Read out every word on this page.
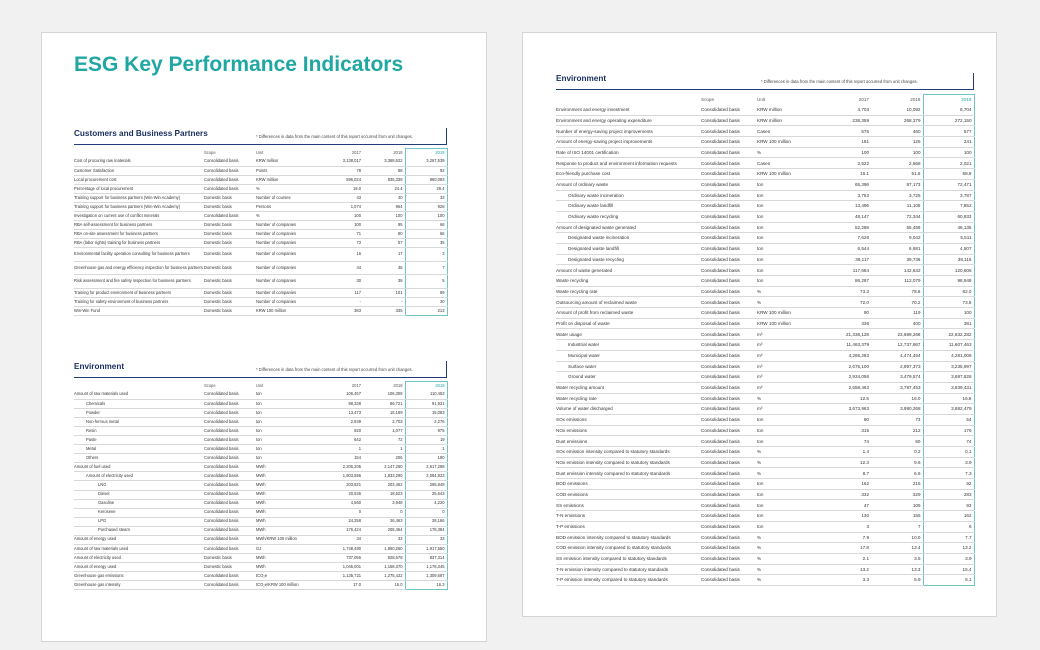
ESG Key Performance Indicators
Customers and Business Partners	* Differences in data from the main content of this report occurred from unit changes.
	Scope	Unit	2017	2018	2019
Cost of procuring raw materials	Consolidated basis	KRW million	3,138,017	3,368,622	3,267,539
Customer Satisfaction	Consolidated basis	Points	78	88	92
Local procurement cost	Consolidated basis	KRW million	596,024	835,339	960,093
Percentage of local procurement	Consolidated basis	%	19.0	24.4	29.4
Training support for business partners (Win-Win Academy)	Domestic basis	Number of courses	43	40	33
Training support for business partners (Win-Win Academy)	Domestic basis	Persons	1,074	964	928
Investigation on current use of conflict minerals	Consolidated basis	%	100	100	100
RBA self-assessment for business partners	Domestic basis	Number of companies	100	95	66
RBA on-site assessment for business partners	Domestic basis	Number of companies	71	80	66
RBA (labor rights) training for business partners	Domestic basis	Number of companies	73	57	35
Environmental facility operation consulting for business partners	Domestic basis	Number of companies	16	17	3
Greenhouse gas and energy efficiency inspection for business partners	Domestic basis	Number of companies	44	35	7
Risk assessment and fire safety inspection for business partners	Domestic basis	Number of companies	30	38	5
Training for product environment of business partners	Domestic basis	Number of companies	117	101	89
Training for safety environment of business partners	Domestic basis	Number of companies	-	-	30
Win-Win Fund	Domestic basis	KRW 100 million	383	335	213
Environment	* Differences in data from the main content of this report occurred from unit changes.
	Scope	Unit	2017	2018	2019
Amount of raw materials used	Consolidated basis	ton	106,457	106,308	110,453
Chemicals	Consolidated basis	ton	88,338	86,721	91,931
Powder	Consolidated basis	ton	13,473	15,189	15,083
Non-ferrous metal	Consolidated basis	ton	2,849	2,703	2,276
Resin	Consolidated basis	ton	920	1,077	975
Paste	Consolidated basis	ton	642	72	19
Metal	Consolidated basis	ton	1	1	1
Others	Consolidated basis	ton	154	206	190
Amount of fuel used	Consolidated basis	MWh	2,206,205	2,147,250	2,617,288
Amount of electricity used	Consolidated basis	MWh	1,803,556	1,833,290	2,084,823
LNG	Consolidated basis	MWh	203,821	203,462	295,848
Diesel	Consolidated basis	MWh	20,636	18,623	25,643
Gasoline	Consolidated basis	MWh	4,560	3,948	4,220
Kerosene	Consolidated basis	MWh	0	0	0
LPG	Consolidated basis	MWh	24,258	26,463	28,166
Purchased steam	Consolidated basis	MWh	176,424	205,464	178,384
Amount of energy used	Consolidated basis	MWh/KRW 100 million	34	32	33
Amount of raw materials used	Consolidated basis	GJ	1,748,480	1,860,260	1,917,550
Amount of electricity used	Domestic basis	MWh	737,056	828,678	837,314
Amount of energy used	Domestic basis	MWh	1,045,001	1,158,370	1,178,345
Greenhouse gas emissions	Consolidated basis	tCO₂e	1,135,721	1,275,422	1,309,687
Greenhouse gas intensity	Consolidated basis	tCO₂e/KRW 100 million	17.0	16.0	16.3
Environment	* Differences in data from the main content of this report occurred from unit changes.
	Scope	Unit	2017	2018	2019
Environment and energy investment	Consolidated basis	KRW million	4,703	10,092	8,704
Environment and energy operating expenditure	Consolidated basis	KRW million	238,359	268,379	272,150
Number of energy-saving project improvements	Consolidated basis	Cases	575	460	577
Amount of energy-saving project improvements	Consolidated basis	KRW 100 million	181	125	241
Rate of ISO 14001 certification	Consolidated basis	%	100	100	100
Response to product and environment information requests	Consolidated basis	Cases	2,522	2,668	2,021
Eco-friendly purchase cost	Consolidated basis	KRW 100 million	16.1	51.6	58.9
Amount of ordinary waste	Consolidated basis	ton	65,396	87,173	72,471
Ordinary waste incineration	Consolidated basis	ton	3,753	3,725	3,787
Ordinary waste landfill	Consolidated basis	ton	13,496	11,105	7,852
Ordinary waste recycling	Consolidated basis	ton	48,147	72,344	60,833
Amount of designated waste generated	Consolidated basis	ton	52,289	55,459	48,135
Designated waste incineration	Consolidated basis	ton	7,628	9,042	5,511
Designated waste landfill	Consolidated basis	ton	6,544	6,681	4,507
Designated waste recycling	Consolidated basis	ton	38,117	39,736	38,116
Amount of waste generated	Consolidated basis	ton	117,684	142,632	120,606
Waste recycling	Consolidated basis	ton	86,267	112,079	98,949
Waste recycling rate	Consolidated basis	%	73.3	78.6	82.0
Outsourcing amount of reclaimed waste	Consolidated basis	%	72.0	70.2	73.8
Amount of profit from reclaimed waste	Consolidated basis	KRW 100 million	90	119	100
Profit on disposal of waste	Consolidated basis	KRW 100 million	336	400	381
Water usage	Consolidated basis	m³	21,338,128	23,689,268	22,832,282
Industrial water	Consolidated basis	m³	11,463,379	12,737,867	11,607,463
Municipal water	Consolidated basis	m³	4,265,283	4,474,454	4,281,006
Surface water	Consolidated basis	m³	2,675,100	2,997,373	3,235,997
Ground water	Consolidated basis	m³	2,934,056	3,479,574	3,697,826
Water recycling amount	Consolidated basis	m³	2,658,463	3,787,453	3,839,431
Water recycling rate	Consolidated basis	%	12.5	16.0	16.8
Volume of water discharged	Consolidated basis	m³	3,673,963	3,990,268	3,682,479
SOx emissions	Consolidated basis	ton	80	73	54
NOx emissions	Consolidated basis	ton	315	212	176
Dust emissions	Consolidated basis	ton	74	60	74
SOx emission intensity compared to statutory standards	Consolidated basis	%	1.4	0.2	0.1
NOx emission intensity compared to statutory standards	Consolidated basis	%	12.3	9.6	3.9
Dust emission intensity compared to statutory standards	Consolidated basis	%	8.7	6.6	7.3
BOD emissions	Consolidated basis	ton	162	215	92
COD emissions	Consolidated basis	ton	332	329	283
SS emissions	Consolidated basis	ton	47	105	93
T-N emissions	Consolidated basis	ton	130	155	162
T-P emissions	Consolidated basis	ton	3	7	6
BOD emission intensity compared to statutory standards	Consolidated basis	%	7.9	10.0	7.7
COD emission intensity compared to statutory standards	Consolidated basis	%	17.8	13.4	13.2
SS emission intensity compared to statutory standards	Consolidated basis	%	2.1	3.5	3.9
T-N emission intensity compared to statutory standards	Consolidated basis	%	13.2	13.3	15.4
T-P emission intensity compared to statutory standards	Consolidated basis	%	3.3	5.9	6.1
